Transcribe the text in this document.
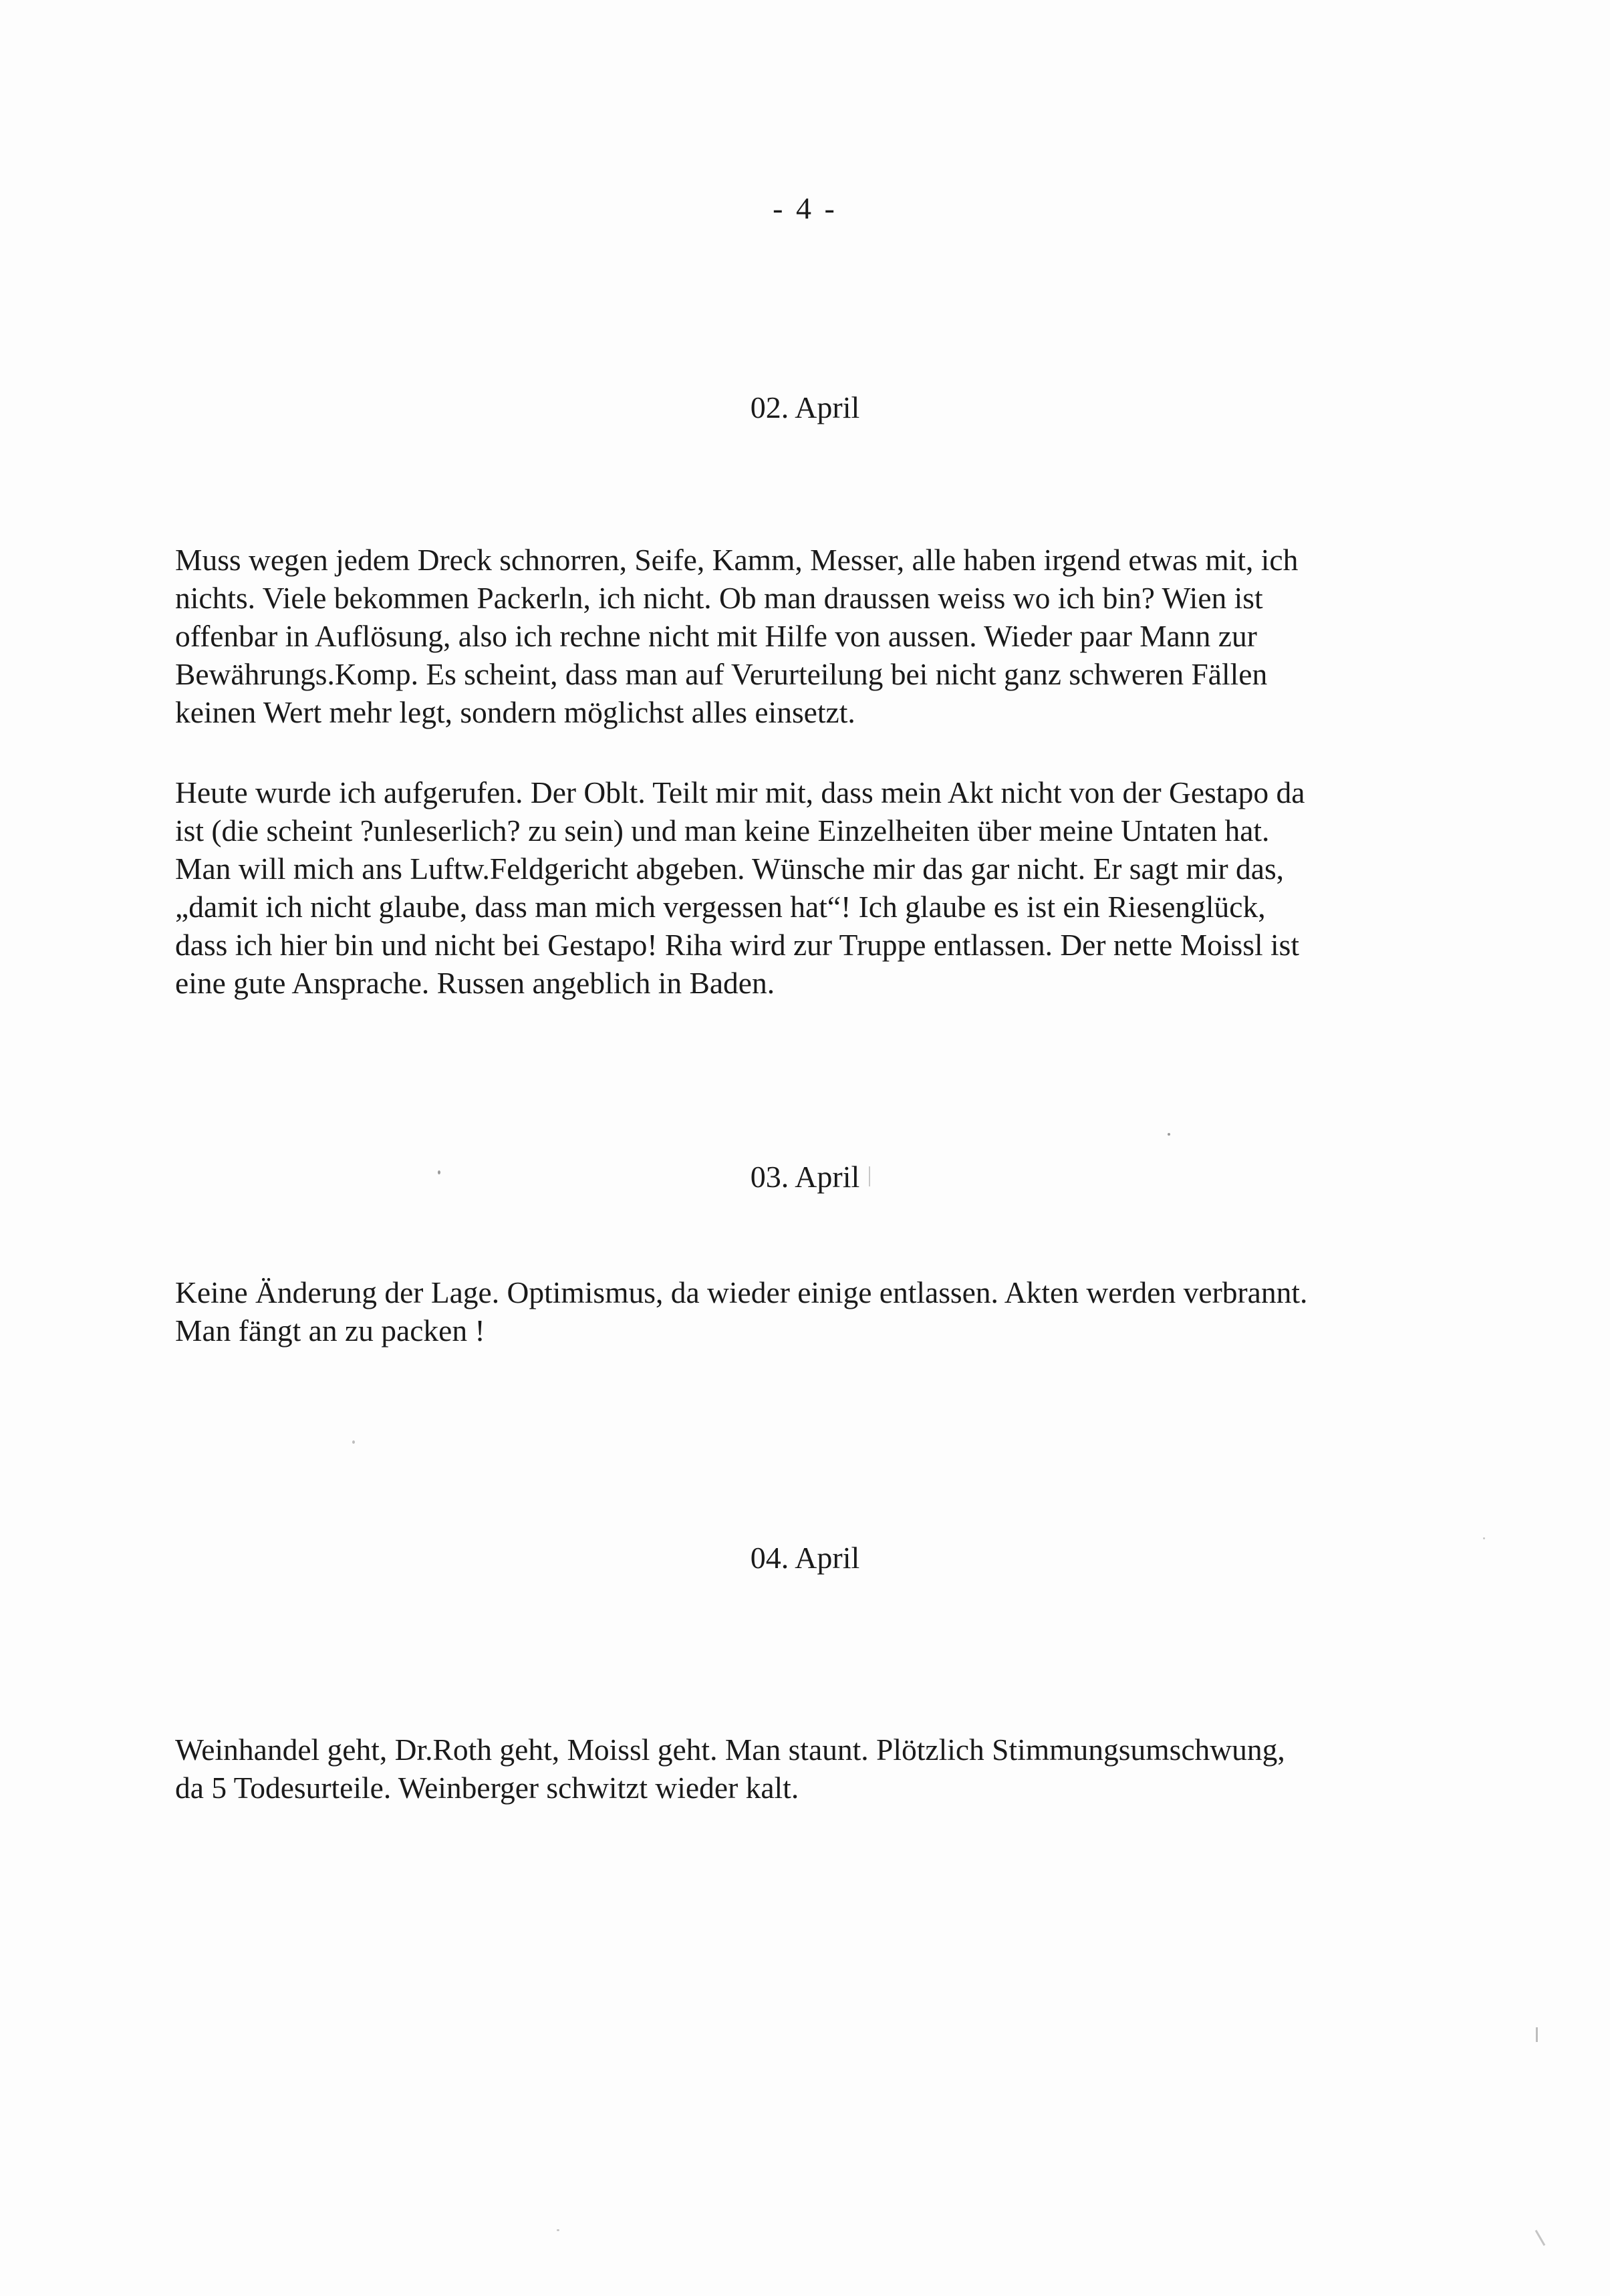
- 4 -
02. April

Muss wegen jedem Dreck schnorren, Seife, Kamm, Messer, alle haben irgend etwas mit, ich
nichts. Viele bekommen Packerln, ich nicht. Ob man draussen weiss wo ich bin? Wien ist
offenbar in Auflösung, also ich rechne nicht mit Hilfe von aussen. Wieder paar Mann zur
Bewährungs.Komp. Es scheint, dass man auf Verurteilung bei nicht ganz schweren Fällen
keinen Wert mehr legt, sondern möglichst alles einsetzt.

Heute wurde ich aufgerufen. Der Oblt. Teilt mir mit, dass mein Akt nicht von der Gestapo da
ist (die scheint ?unleserlich? zu sein) und man keine Einzelheiten über meine Untaten hat.
Man will mich ans Luftw.Feldgericht abgeben. Wünsche mir das gar nicht. Er sagt mir das,
„damit ich nicht glaube, dass man mich vergessen hat“! Ich glaube es ist ein Riesenglück,
dass ich hier bin und nicht bei Gestapo! Riha wird zur Truppe entlassen. Der nette Moissl ist
eine gute Ansprache. Russen angeblich in Baden.

03. April

Keine Änderung der Lage. Optimismus, da wieder einige entlassen. Akten werden verbrannt.
Man fängt an zu packen !

04. April

Weinhandel geht, Dr.Roth geht, Moissl geht. Man staunt. Plötzlich Stimmungsumschwung,
da 5 Todesurteile. Weinberger schwitzt wieder kalt.
